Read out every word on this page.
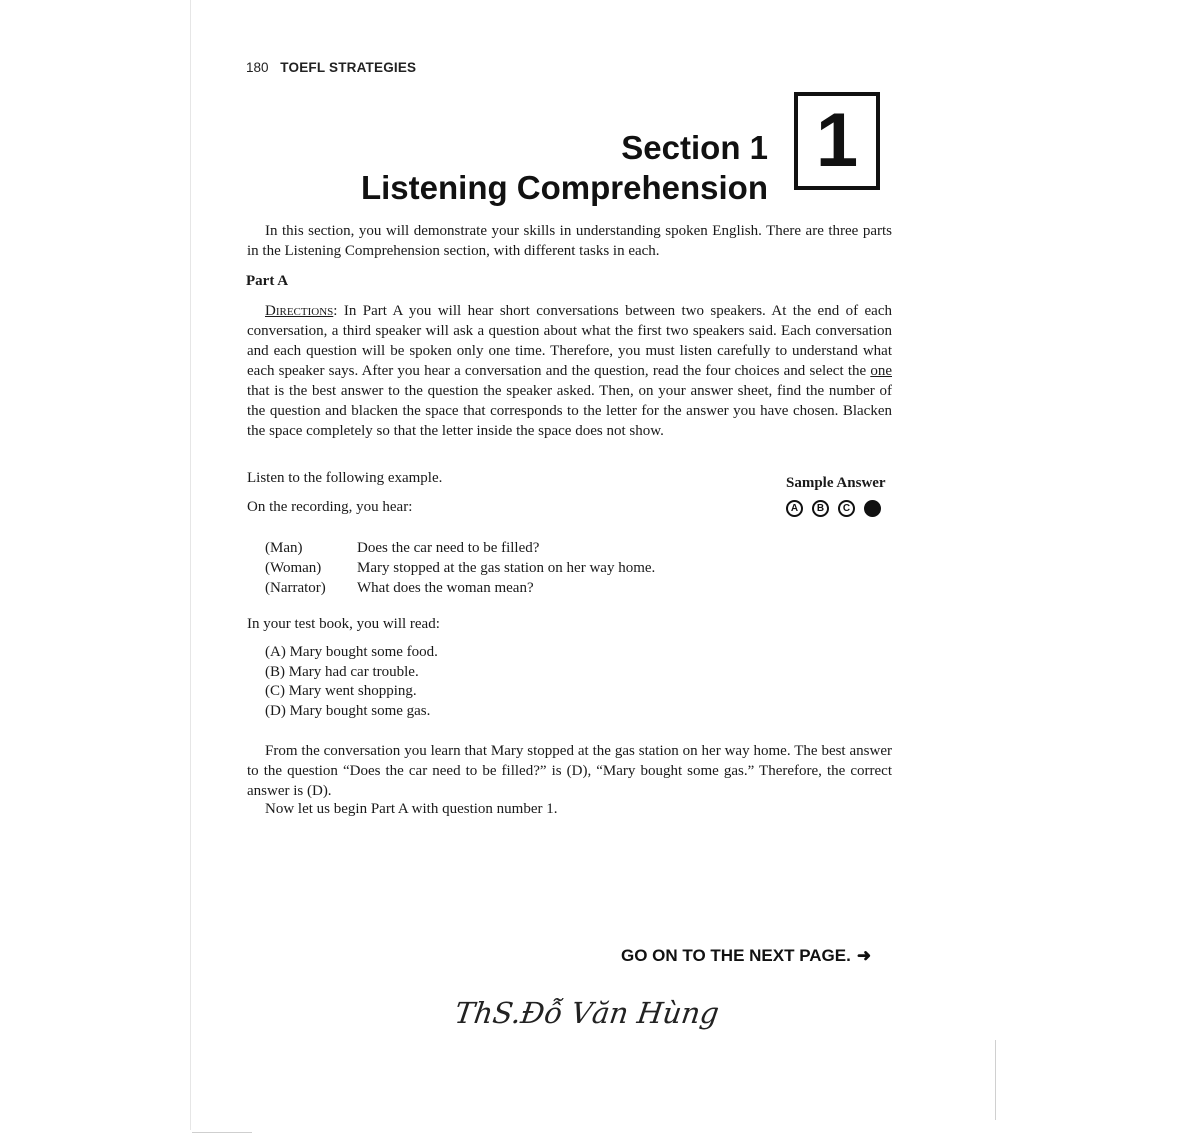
180 TOEFL STRATEGIES
Section 1
Listening Comprehension
1
In this section, you will demonstrate your skills in understanding spoken English. There are three parts in the Listening Comprehension section, with different tasks in each.
Part A
Directions: In Part A you will hear short conversations between two speakers. At the end of each conversation, a third speaker will ask a question about what the first two speakers said. Each conversation and each question will be spoken only one time. Therefore, you must listen carefully to understand what each speaker says. After you hear a conversation and the question, read the four choices and select the one that is the best answer to the question the speaker asked. Then, on your answer sheet, find the number of the question and blacken the space that corresponds to the letter for the answer you have chosen. Blacken the space completely so that the letter inside the space does not show.
Listen to the following example.
On the recording, you hear:
Sample Answer
A	B	C
(Man)	Does the car need to be filled?
(Woman)	Mary stopped at the gas station on her way home.
(Narrator)	What does the woman mean?
In your test book, you will read:
(A) Mary bought some food.
(B) Mary had car trouble.
(C) Mary went shopping.
(D) Mary bought some gas.
From the conversation you learn that Mary stopped at the gas station on her way home. The best answer to the question “Does the car need to be filled?” is (D), “Mary bought some gas.” Therefore, the correct answer is (D).
Now let us begin Part A with question number 1.
GO ON TO THE NEXT PAGE. ➜
ThS.Đỗ Văn Hùng
